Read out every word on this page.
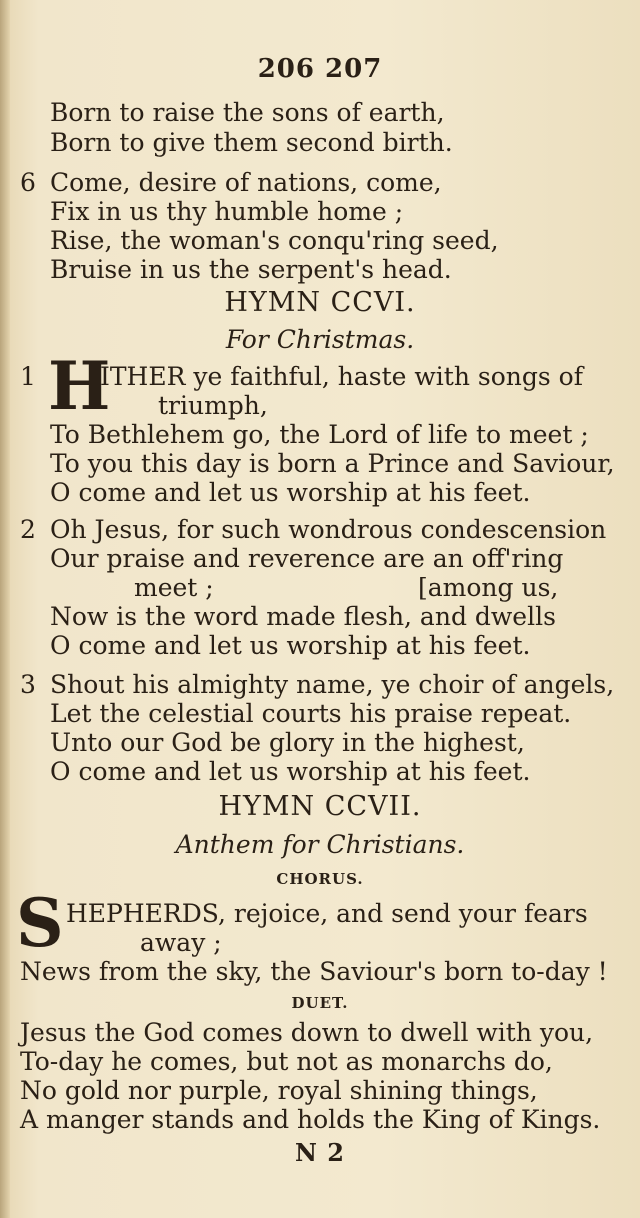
206 207
Born to raise the sons of earth,
Born to give them second birth.
6 Come, desire of nations, come,
Fix in us thy humble home ;
Rise, the woman's conqu'ring seed,
Bruise in us the serpent's head.
HYMN CCVI.
For Christmas.
1 H
ITHER ye faithful, haste with songs of
triumph,
To Bethlehem go, the Lord of life to meet ;
To you this day is born a Prince and Saviour,
O come and let us worship at his feet.
2 Oh Jesus, for such wondrous condescension
Our praise and reverence are an off'ring
meet ;	[among us,
Now is the word made flesh, and dwells
O come and let us worship at his feet.
3 Shout his almighty name, ye choir of angels,
Let the celestial courts his praise repeat.
Unto our God be glory in the highest,
O come and let us worship at his feet.
HYMN CCVII.
Anthem for Christians.
CHORUS.
S HEPHERDS, rejoice, and send your fears
away ;
News from the sky, the Saviour's born to-day !
DUET.
Jesus the God comes down to dwell with you,
To-day he comes, but not as monarchs do,
No gold nor purple, royal shining things,
A manger stands and holds the King of Kings.
N 2
